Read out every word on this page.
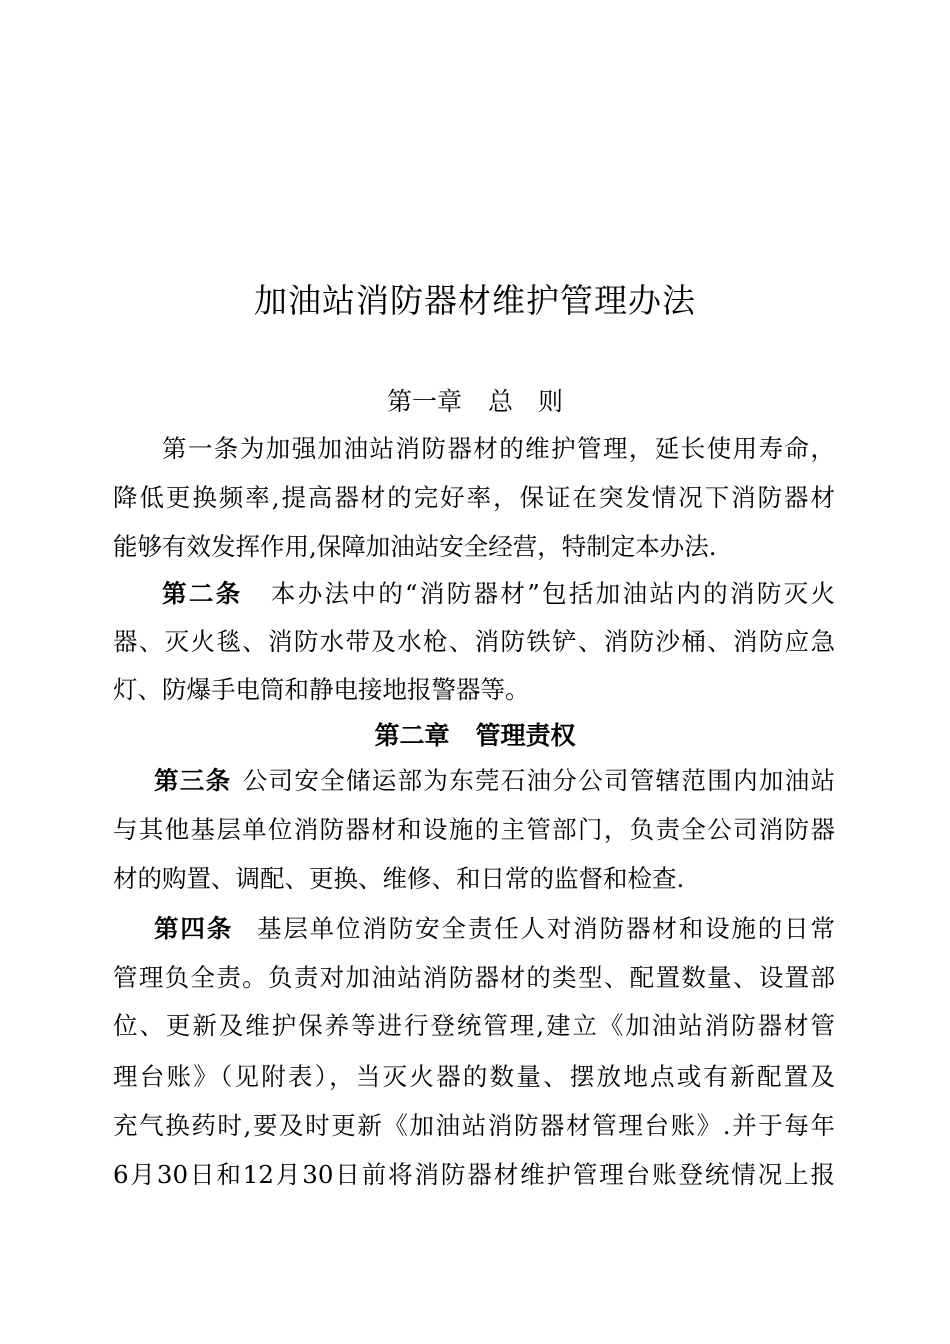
加油站消防器材维护管理办法
第一章 总　则

第一条为加强加油站消防器材的维护管理，延长使用寿命，

降低更换频率,提高器材的完好率，保证在突发情况下消防器材

能够有效发挥作用,保障加油站安全经营，特制定本办法.

第二条 本办法中的“消防器材”包括加油站内的消防灭火

器、灭火毯、消防水带及水枪、消防铁铲、消防沙桶、消防应急

灯、防爆手电筒和静电接地报警器等。

第二章 管理责权

第三条 公司安全储运部为东莞石油分公司管辖范围内加油站

与其他基层单位消防器材和设施的主管部门，负责全公司消防器

材的购置、调配、更换、维修、和日常的监督和检查.

第四条 基层单位消防安全责任人对消防器材和设施的日常

管理负全责。负责对加油站消防器材的类型、配置数量、设置部

位、更新及维护保养等进行登统管理,建立《加油站消防器材管

理台账》（见附表），当灭火器的数量、摆放地点或有新配置及

充气换药时,要及时更新《加油站消防器材管理台账》.并于每年

6月30日和12月30日前将消防器材维护管理台账登统情况上报
